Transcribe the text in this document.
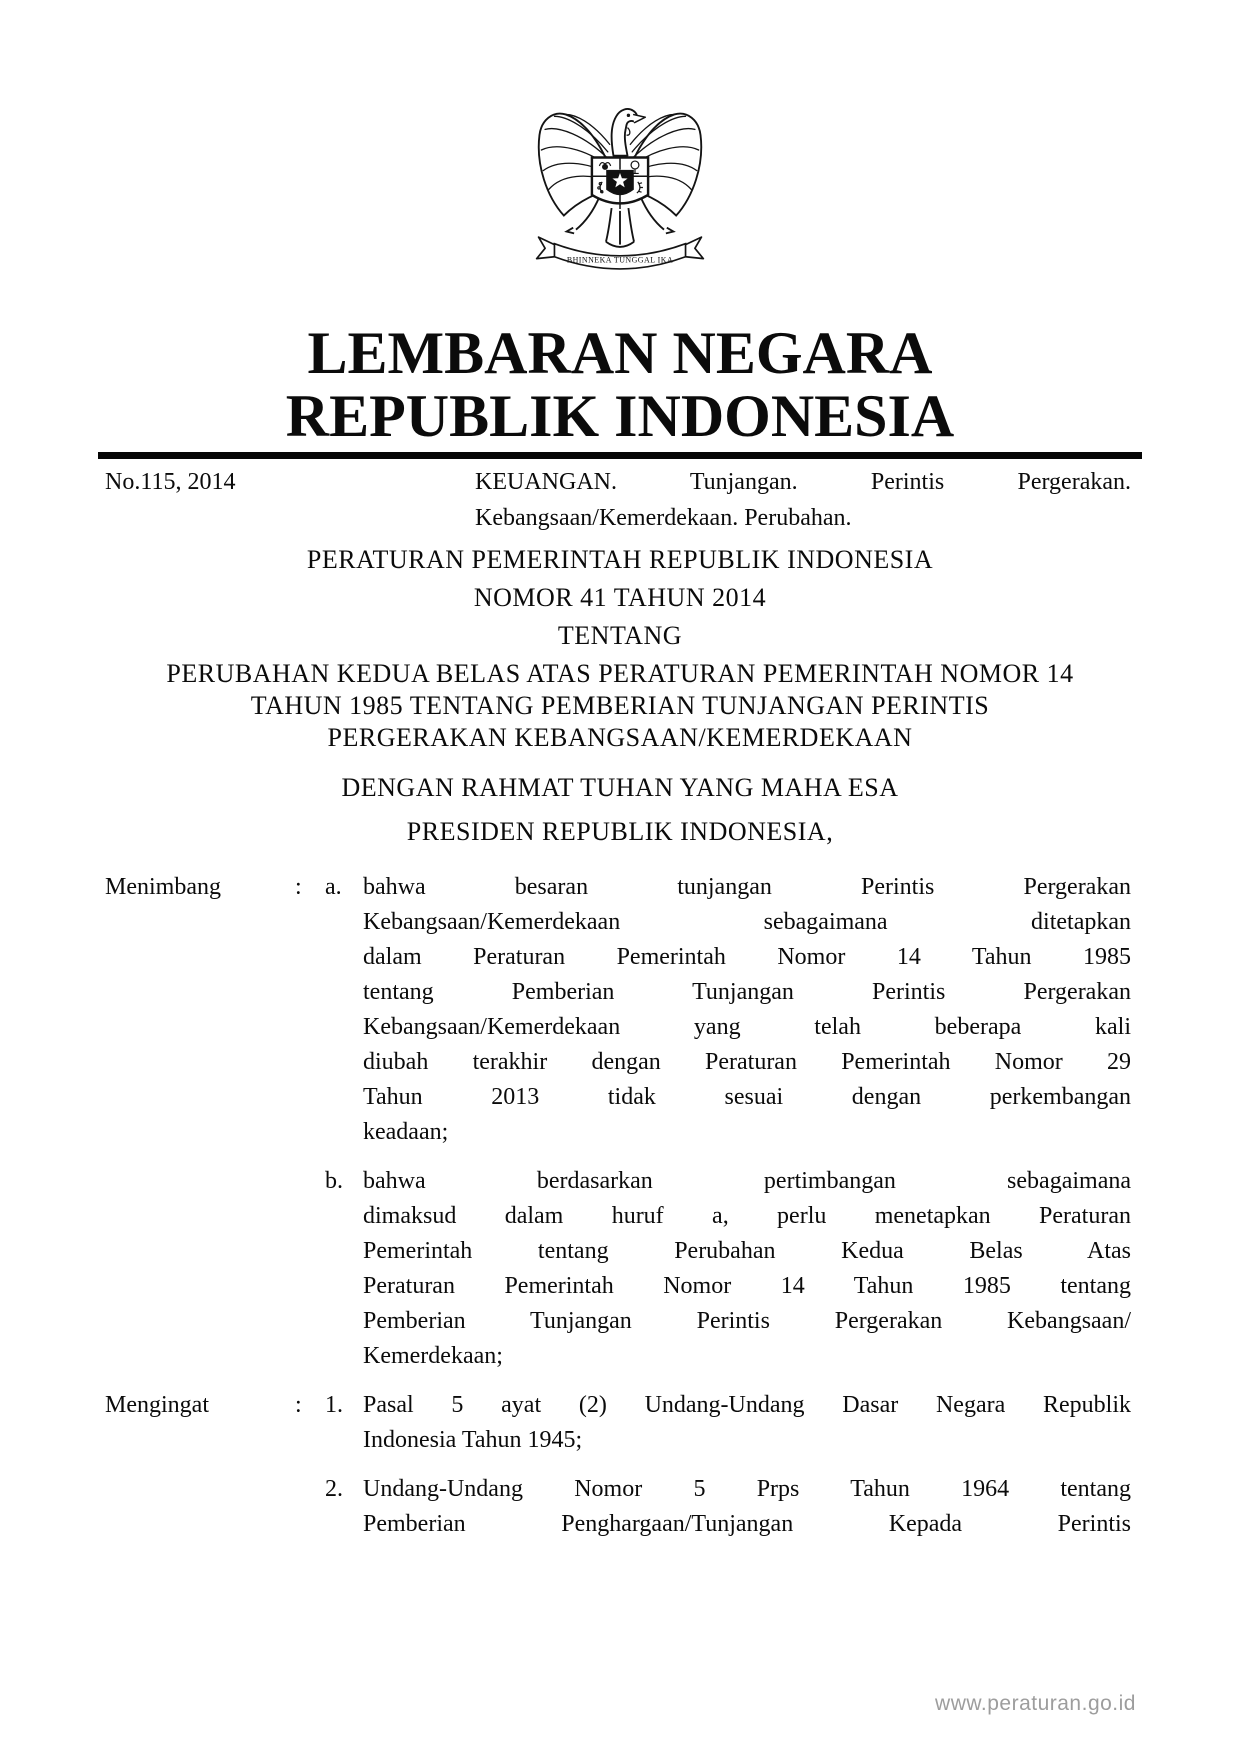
BHINNEKA TUNGGAL IKA
LEMBARAN NEGARA
REPUBLIK INDONESIA
No.115, 2014	KEUANGAN. Tunjangan. Perintis Pergerakan.
Kebangsaan/Kemerdekaan. Perubahan.
PERATURAN PEMERINTAH REPUBLIK INDONESIA
NOMOR 41 TAHUN 2014
TENTANG
PERUBAHAN KEDUA BELAS ATAS PERATURAN PEMERINTAH NOMOR 14
TAHUN 1985 TENTANG PEMBERIAN TUNJANGAN PERINTIS
PERGERAKAN KEBANGSAAN/KEMERDEKAAN
DENGAN RAHMAT TUHAN YANG MAHA ESA
PRESIDEN REPUBLIK INDONESIA,
Menimbang	: a. bahwa besaran tunjangan Perintis Pergerakan
Kebangsaan/Kemerdekaan sebagaimana ditetapkan
dalam Peraturan Pemerintah Nomor 14 Tahun 1985
tentang Pemberian Tunjangan Perintis Pergerakan
Kebangsaan/Kemerdekaan yang telah beberapa kali
diubah terakhir dengan Peraturan Pemerintah Nomor 29
Tahun 2013 tidak sesuai dengan perkembangan
keadaan;
b. bahwa berdasarkan pertimbangan sebagaimana
dimaksud dalam huruf a, perlu menetapkan Peraturan
Pemerintah tentang Perubahan Kedua Belas Atas
Peraturan Pemerintah Nomor 14 Tahun 1985 tentang
Pemberian Tunjangan Perintis Pergerakan Kebangsaan/
Kemerdekaan;
Mengingat	: 1. Pasal 5 ayat (2) Undang-Undang Dasar Negara Republik
Indonesia Tahun 1945;
2. Undang-Undang Nomor 5 Prps Tahun 1964 tentang
Pemberian Penghargaan/Tunjangan Kepada Perintis
www.peraturan.go.id
